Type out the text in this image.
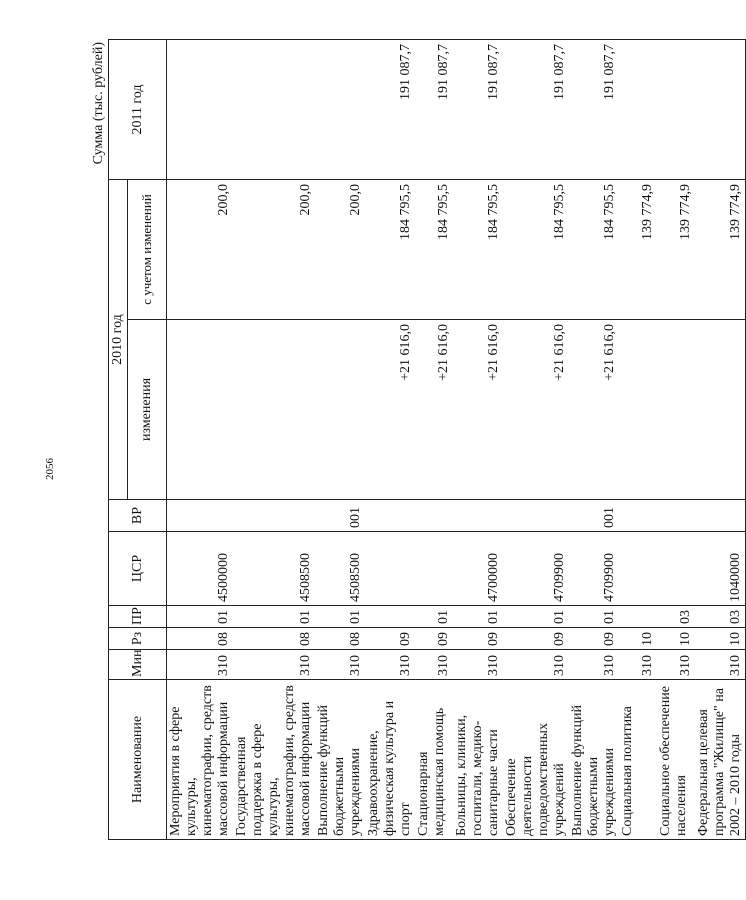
2056
Сумма (тыс. рублей)
Наименование	Мин	Рз	ПР	ЦСР	ВР	2010 год		2011 год
						изменения	с учетом изменений	
Мероприятия в сфере культуры, кинематографии, средств массовой информации	310	08	01	4500000			200,0	
Государственная поддержка в сфере культуры, кинематографии, средств массовой информации	310	08	01	4508500			200,0	
Выполнение функций бюджетными учреждениями	310	08	01	4508500	001		200,0	
Здравоохранение, физическая культура и спорт	310	09				+21 616,0	184 795,5	191 087,7
Стационарная медицинская помощь	310	09	01			+21 616,0	184 795,5	191 087,7
Больницы, клиники, госпитали, медико-санитарные части	310	09	01	4700000		+21 616,0	184 795,5	191 087,7
Обеспечение деятельности подведомственных учреждений	310	09	01	4709900		+21 616,0	184 795,5	191 087,7
Выполнение функций бюджетными учреждениями	310	09	01	4709900	001	+21 616,0	184 795,5	191 087,7
Социальная политика	310	10					139 774,9	
Социальное обеспечение населения	310	10	03				139 774,9	
Федеральная целевая программа "Жилище" на 2002 – 2010 годы	310	10	03	1040000			139 774,9	
